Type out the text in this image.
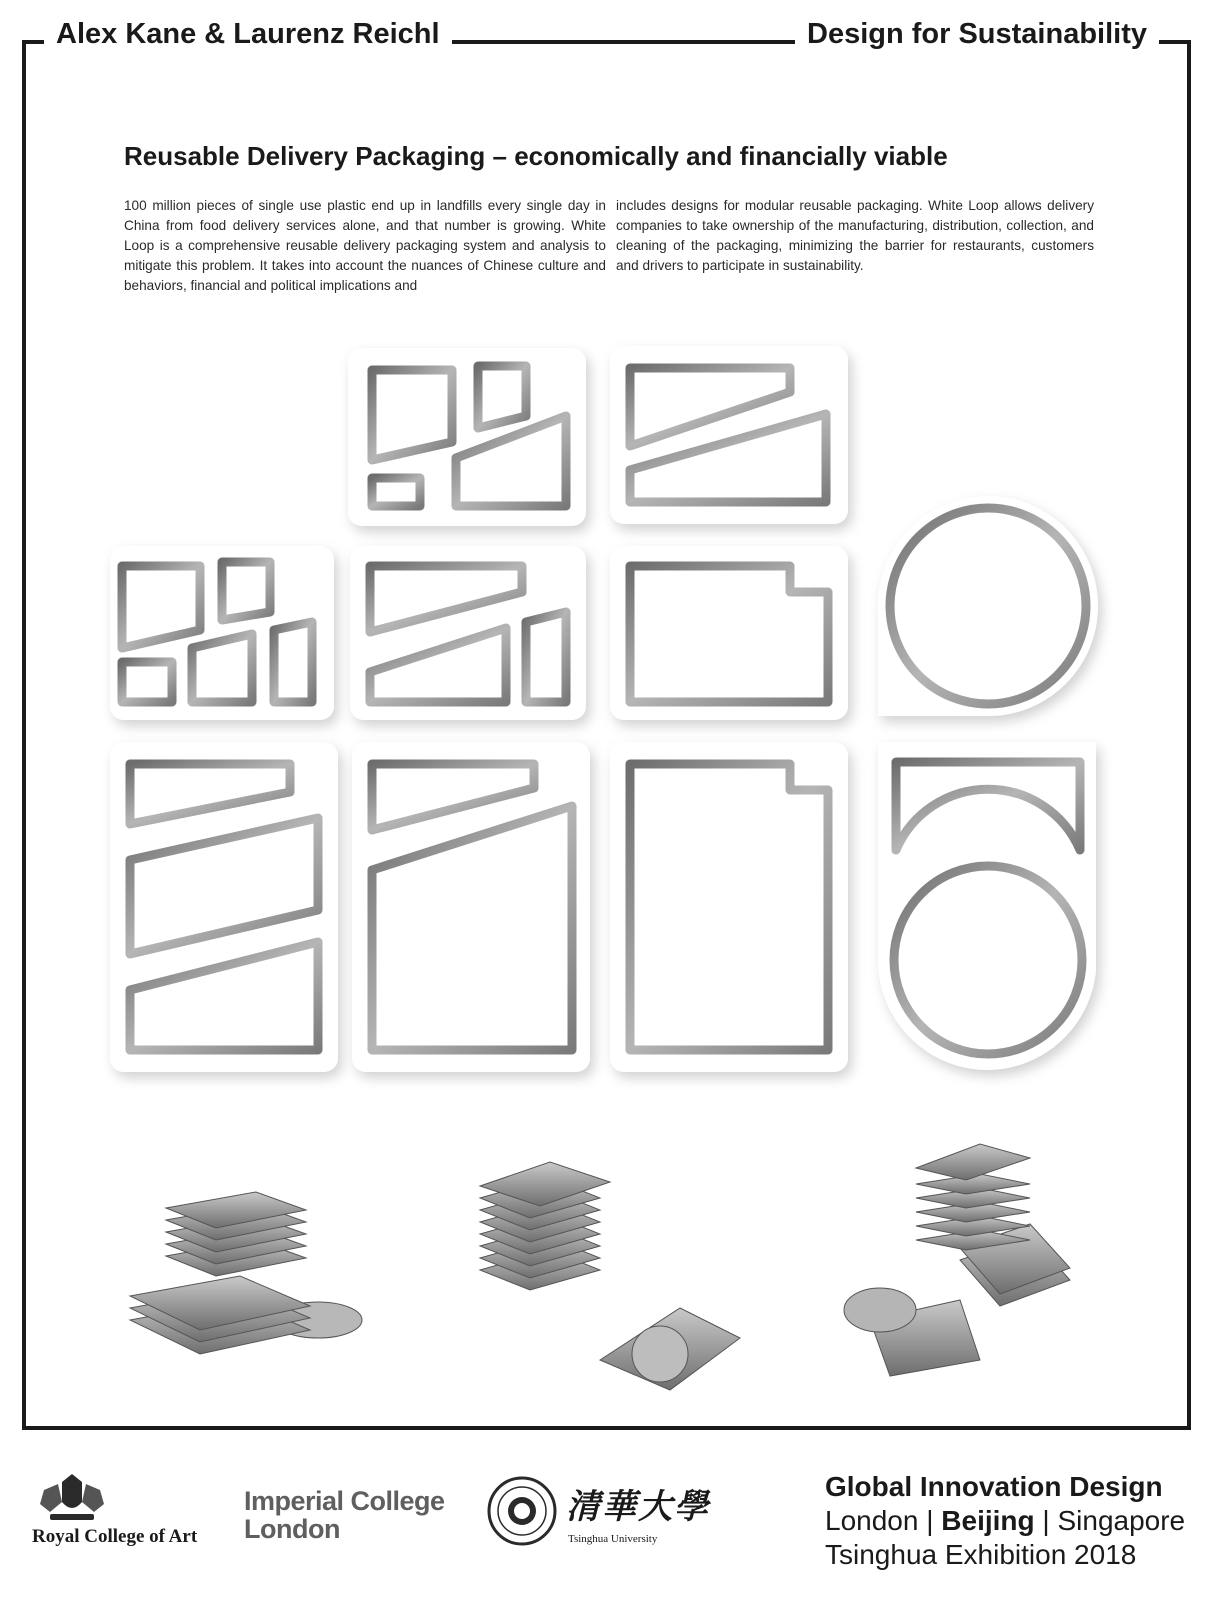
Alex Kane & Laurenz Reichl	Design for Sustainability
Reusable Delivery Packaging – economically and financially viable
100 million pieces of single use plastic end up in landfills every single day in China from food delivery services alone, and that number is growing. White Loop is a comprehensive reusable delivery packaging system and analysis to mitigate this problem. It takes into account the nuances of Chinese culture and behaviors, financial and political implications and
includes designs for modular reusable packaging. White Loop allows delivery companies to take ownership of the manufacturing, distribution, collection, and cleaning of the packaging, minimizing the barrier for restaurants, customers and drivers to participate in sustainability.
Royal College of Art
Imperial College
London
清華大學
Tsinghua University
Global Innovation Design
London | Beijing | Singapore
Tsinghua Exhibition 2018
